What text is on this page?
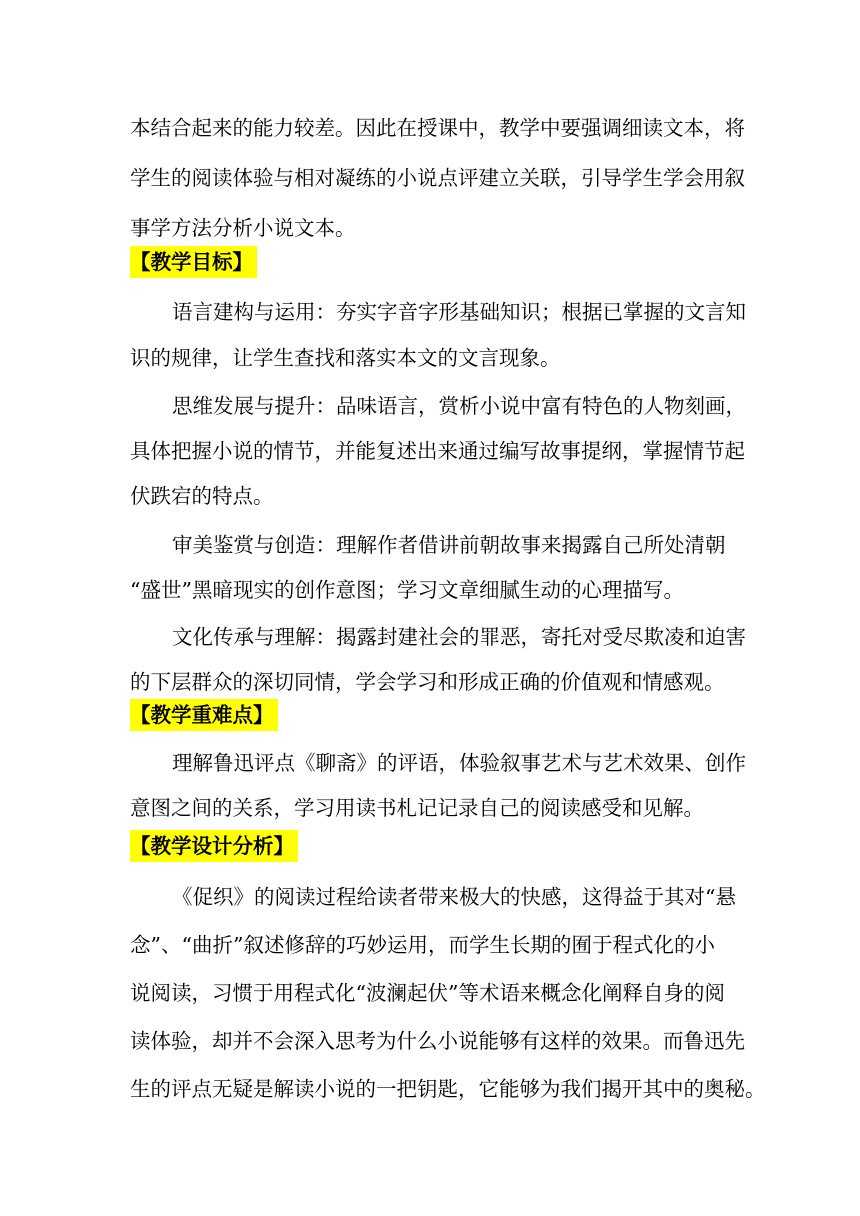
本结合起来的能力较差。因此在授课中，教学中要强调细读文本，将
学生的阅读体验与相对凝练的小说点评建立关联，引导学生学会用叙
事学方法分析小说文本。
【教学目标】
语言建构与运用：夯实字音字形基础知识；根据已掌握的文言知
识的规律，让学生查找和落实本文的文言现象。
思维发展与提升：品味语言，赏析小说中富有特色的人物刻画，
具体把握小说的情节，并能复述出来通过编写故事提纲，掌握情节起
伏跌宕的特点。
审美鉴赏与创造：理解作者借讲前朝故事来揭露自己所处清朝
“盛世”黑暗现实的创作意图；学习文章细腻生动的心理描写。
文化传承与理解：揭露封建社会的罪恶，寄托对受尽欺凌和迫害
的下层群众的深切同情，学会学习和形成正确的价值观和情感观。
【教学重难点】
理解鲁迅评点《聊斋》的评语，体验叙事艺术与艺术效果、创作
意图之间的关系，学习用读书札记记录自己的阅读感受和见解。
【教学设计分析】
《促织》的阅读过程给读者带来极大的快感，这得益于其对“悬
念”、“曲折”叙述修辞的巧妙运用，而学生长期的囿于程式化的小
说阅读，习惯于用程式化“波澜起伏”等术语来概念化阐释自身的阅
读体验，却并不会深入思考为什么小说能够有这样的效果。而鲁迅先
生的评点无疑是解读小说的一把钥匙，它能够为我们揭开其中的奥秘。
